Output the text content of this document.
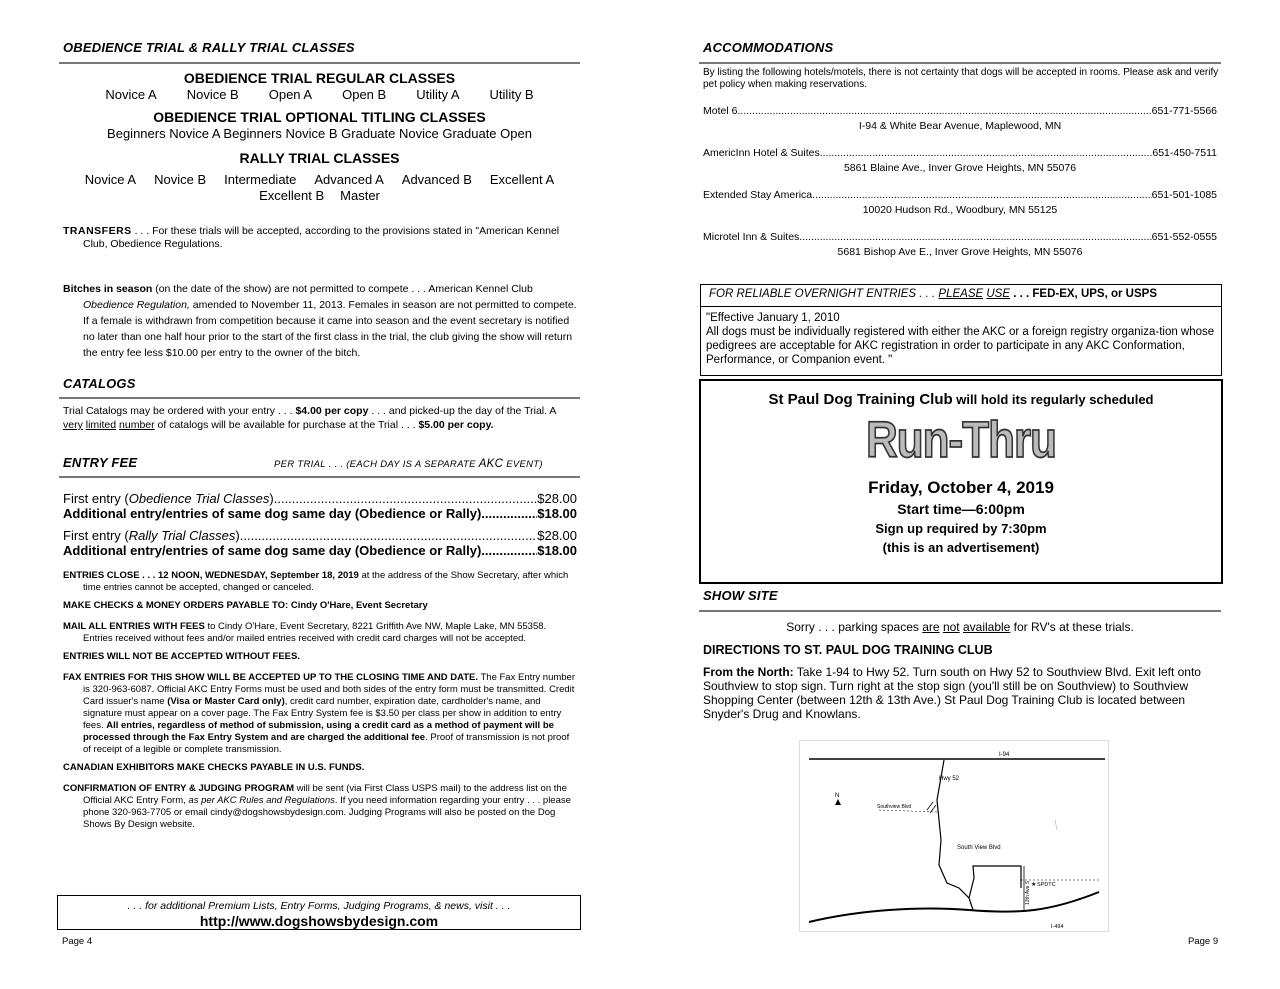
OBEDIENCE TRIAL & RALLY TRIAL CLASSES
OBEDIENCE TRIAL REGULAR CLASSES
Novice A Novice B Open A Open B Utility A Utility B
OBEDIENCE TRIAL OPTIONAL TITLING CLASSES
Beginners Novice A Beginners Novice B Graduate Novice Graduate Open
RALLY TRIAL CLASSES
Novice A Novice B Intermediate Advanced A Advanced B Excellent A
Excellent B Master

TRANSFERS . . . For these trials will be accepted, according to the provisions stated in "American Kennel Club, Obedience Regulations.

Bitches in season (on the date of the show) are not permitted to compete . . . American Kennel Club Obedience Regulation, amended to November 11, 2013. Females in season are not permitted to compete. If a female is withdrawn from competition because it came into season and the event secretary is notified no later than one half hour prior to the start of the first class in the trial, the club giving the show will return the entry fee less $10.00 per entry to the owner of the bitch.

CATALOGS
Trial Catalogs may be ordered with your entry . . . $4.00 per copy . . . and picked-up the day of the Trial. A very limited number of catalogs will be available for purchase at the Trial . . . $5.00 per copy.
ENTRY FEE	PER TRIAL . . . (EACH DAY IS A SEPARATE AKC EVENT)
First entry (Obedience Trial Classes) .....	$28.00
Additional entry/entries of same dog same day (Obedience or Rally) .....	$18.00
First entry (Rally Trial Classes) .....	$28.00
Additional entry/entries of same dog same day (Obedience or Rally) .....	$18.00

ENTRIES CLOSE . . . 12 NOON, WEDNESDAY, September 18, 2019 at the address of the Show Secretary, after which time entries cannot be accepted, changed or canceled.

MAKE CHECKS & MONEY ORDERS PAYABLE TO: Cindy O'Hare, Event Secretary

MAIL ALL ENTRIES WITH FEES to Cindy O'Hare, Event Secretary, 8221 Griffith Ave NW, Maple Lake, MN 55358. Entries received without fees and/or mailed entries received with credit card charges will not be accepted.

ENTRIES WILL NOT BE ACCEPTED WITHOUT FEES.

FAX ENTRIES FOR THIS SHOW WILL BE ACCEPTED UP TO THE CLOSING TIME AND DATE. The Fax Entry number is 320-963-6087. Official AKC Entry Forms must be used and both sides of the entry form must be transmitted. Credit Card issuer's name (Visa or Master Card only), credit card number, expiration date, cardholder's name, and signature must appear on a cover page. The Fax Entry System fee is $3.50 per class per show in addition to entry fees. All entries, regardless of method of submission, using a credit card as a method of payment will be processed through the Fax Entry System and are charged the additional fee. Proof of transmission is not proof of receipt of a legible or complete transmission.

CANADIAN EXHIBITORS MAKE CHECKS PAYABLE IN U.S. FUNDS.

CONFIRMATION OF ENTRY & JUDGING PROGRAM will be sent (via First Class USPS mail) to the address list on the Official AKC Entry Form, as per AKC Rules and Regulations. If you need information regarding your entry . . . please phone 320-963-7705 or email cindy@dogshowsbydesign.com. Judging Programs will also be posted on the Dog Shows By Design website.

. . . for additional Premium Lists, Entry Forms, Judging Programs, & news, visit . . .
http://www.dogshowsbydesign.com
Page 4
ACCOMMODATIONS
By listing the following hotels/motels, there is not certainty that dogs will be accepted in rooms. Please ask and verify pet policy when making reservations.
Motel 6 .....	651-771-5566
I-94 & White Bear Avenue, Maplewood, MN
AmericInn Hotel & Suites .....	651-450-7511
5861 Blaine Ave., Inver Grove Heights, MN 55076
Extended Stay America .....	651-501-1085
10020 Hudson Rd., Woodbury, MN 55125
Microtel Inn & Suites .....	651-552-0555
5681 Bishop Ave E., Inver Grove Heights, MN 55076
FOR RELIABLE OVERNIGHT ENTRIES . . . PLEASE USE . . . FED-EX, UPS, or USPS
"Effective January 1, 2010
All dogs must be individually registered with either the AKC or a foreign registry organiza-tion whose pedigrees are acceptable for AKC registration in order to participate in any AKC Conformation, Performance, or Companion event. "
St Paul Dog Training Club will hold its regularly scheduled
Run-Thru
Friday, October 4, 2019
Start time—6:00pm
Sign up required by 7:30pm
(this is an advertisement)
SHOW SITE
Sorry . . . parking spaces are not available for RV's at these trials.
DIRECTIONS TO ST. PAUL DOG TRAINING CLUB
From the North: Take 1-94 to Hwy 52. Turn south on Hwy 52 to Southview Blvd. Exit left onto Southview to stop sign. Turn right at the stop sign (you'll still be on Southview) to Southview Shopping Center (between 12th & 13th Ave.) St Paul Dog Training Club is located between Snyder's Drug and Knowlans.
I-94
Hwy 52
Southview Blvd
N
South View Blvd
13th Ave S ★ SPDTC
I-494
Page 9
